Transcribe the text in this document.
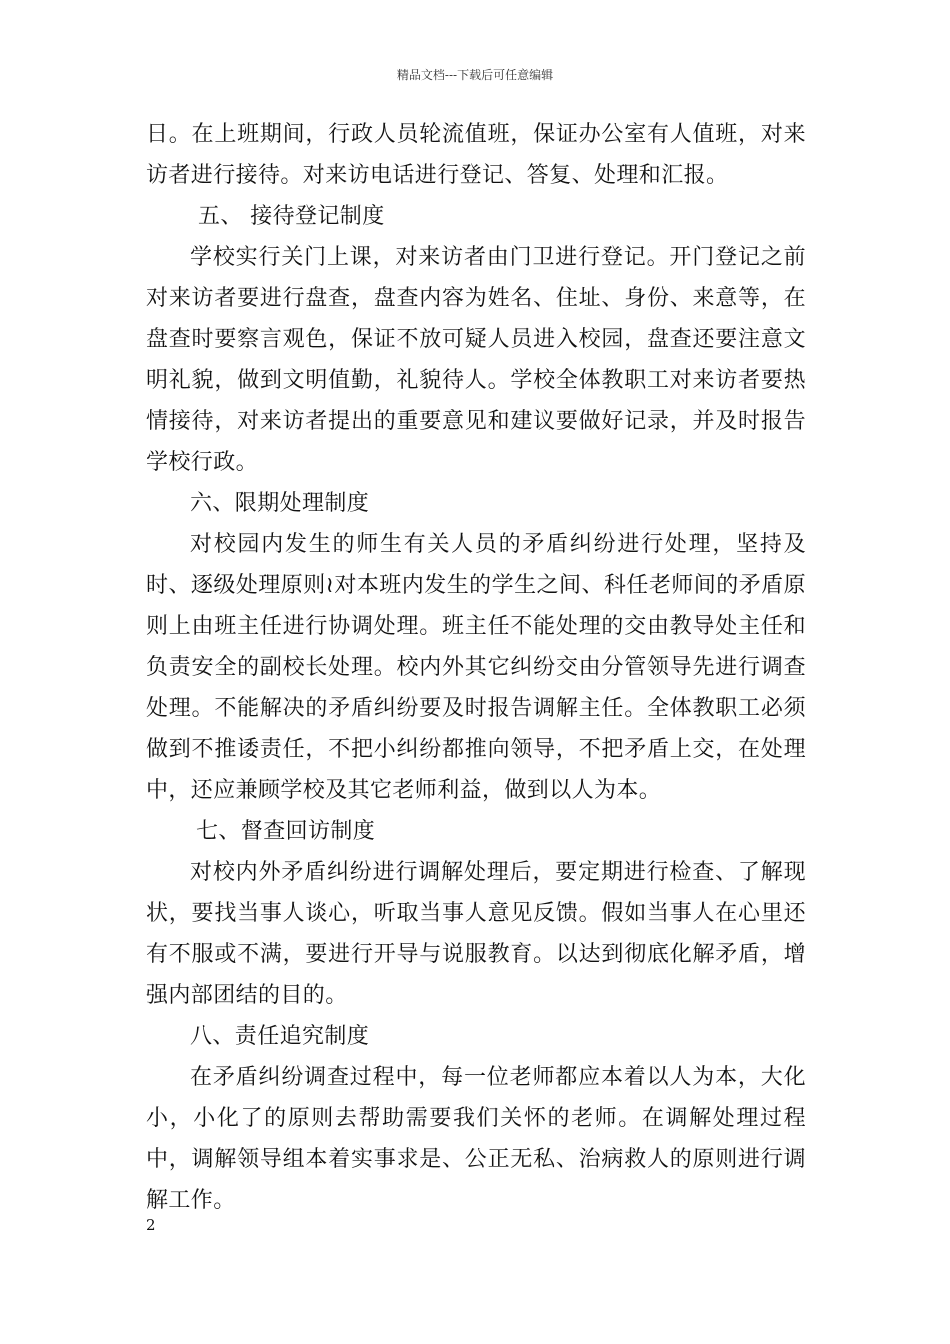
精品文档---下载后可任意编辑

日。在上班期间，行政人员轮流值班，保证办公室有人值班，对来访者进行接待。对来访电话进行登记、答复、处理和汇报。

五、 接待登记制度

学校实行关门上课，对来访者由门卫进行登记。开门登记之前对来访者要进行盘查，盘查内容为姓名、住址、身份、来意等，在盘查时要察言观色，保证不放可疑人员进入校园，盘查还要注意文明礼貌，做到文明值勤，礼貌待人。学校全体教职工对来访者要热情接待，对来访者提出的重要意见和建议要做好记录，并及时报告学校行政。

六、限期处理制度

对校园内发生的师生有关人员的矛盾纠纷进行处理，坚持及时、逐级处理原则≀对本班内发生的学生之间、科任老师间的矛盾原则上由班主任进行协调处理。班主任不能处理的交由教导处主任和负责安全的副校长处理。校内外其它纠纷交由分管领导先进行调查处理。不能解决的矛盾纠纷要及时报告调解主任。全体教职工必须做到不推诿责任，不把小纠纷都推向领导，不把矛盾上交，在处理中，还应兼顾学校及其它老师利益，做到以人为本。

七、督查回访制度

对校内外矛盾纠纷进行调解处理后，要定期进行检查、了解现状，要找当事人谈心，听取当事人意见反馈。假如当事人在心里还有不服或不满，要进行开导与说服教育。以达到彻底化解矛盾，增强内部团结的目的。

八、责任追究制度

在矛盾纠纷调查过程中，每一位老师都应本着以人为本，大化小，小化了的原则去帮助需要我们关怀的老师。在调解处理过程中，调解领导组本着实事求是、公正无私、治病救人的原则进行调解工作。

2
